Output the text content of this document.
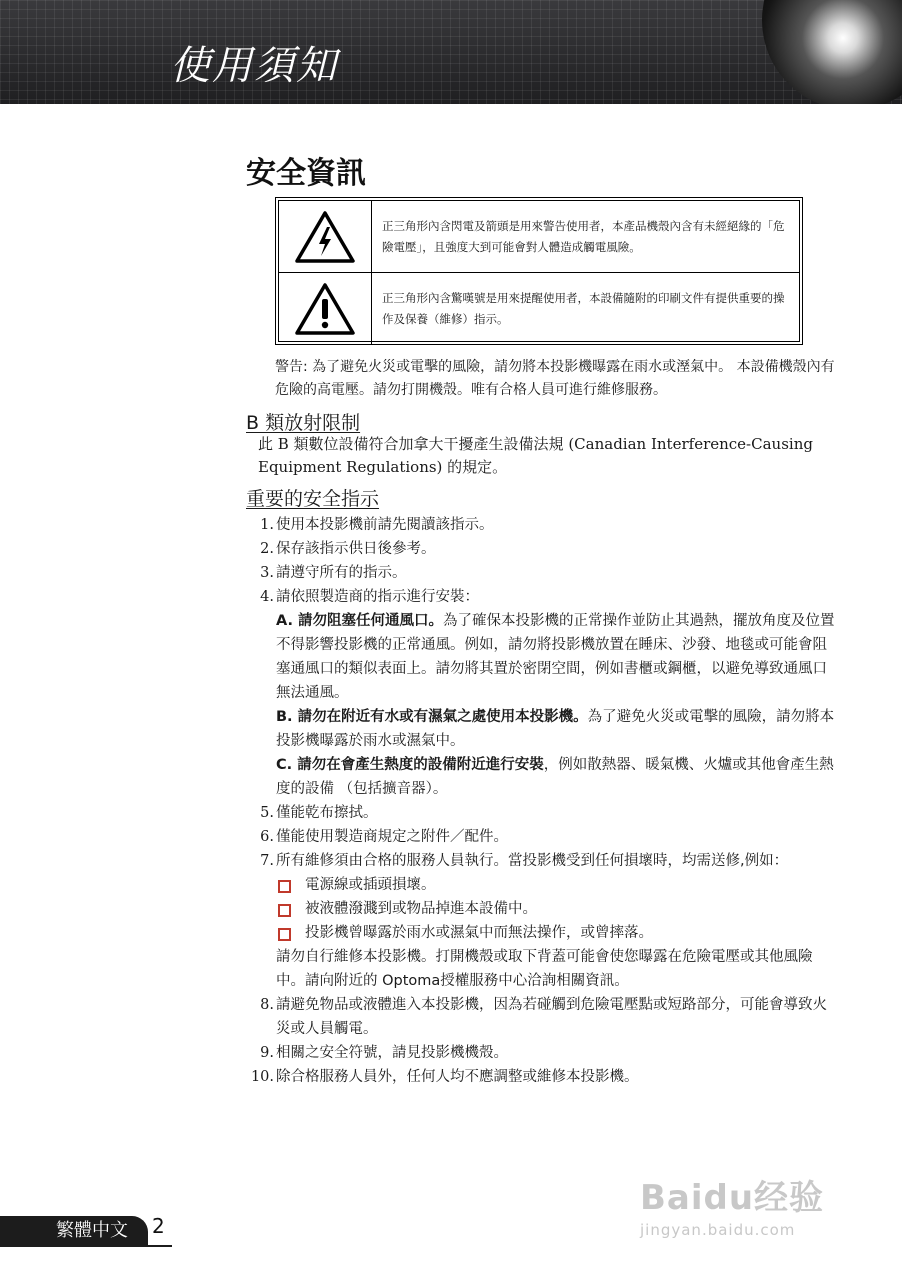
使用須知
安全資訊
正三角形內含閃電及箭頭是用來警告使用者，本產品機殼內含有未經絕緣的「危險電壓」，且強度大到可能會對人體造成觸電風險。
正三角形內含驚嘆號是用來提醒使用者，本設備隨附的印刷文件有提供重要的操作及保養（維修）指示。
警告: 為了避免火災或電擊的風險，請勿將本投影機曝露在雨水或溼氣中。 本設備機殼內有危險的高電壓。請勿打開機殼。唯有合格人員可進行維修服務。
B 類放射限制
此 B 類數位設備符合加拿大干擾產生設備法規 (Canadian Interference-Causing Equipment Regulations) 的規定。
重要的安全指示
1. 使用本投影機前請先閱讀該指示。
2. 保存該指示供日後參考。
3. 請遵守所有的指示。
4. 請依照製造商的指示進行安裝：
A. 請勿阻塞任何通風口。為了確保本投影機的正常操作並防止其過熱，擺放角度及位置不得影響投影機的正常通風。例如，請勿將投影機放置在睡床、沙發、地毯或可能會阻塞通風口的類似表面上。請勿將其置於密閉空間，例如書櫃或鋼櫃，以避免導致通風口無法通風。
B. 請勿在附近有水或有濕氣之處使用本投影機。為了避免火災或電擊的風險，請勿將本投影機曝露於雨水或濕氣中。
C. 請勿在會產生熱度的設備附近進行安裝，例如散熱器、暖氣機、火爐或其他會產生熱度的設備 （包括擴音器）。
5. 僅能乾布擦拭。
6. 僅能使用製造商規定之附件／配件。
7. 所有維修須由合格的服務人員執行。當投影機受到任何損壞時，均需送修,例如：
電源線或插頭損壞。
被液體潑濺到或物品掉進本設備中。
投影機曾曝露於雨水或濕氣中而無法操作，或曾摔落。
請勿自行維修本投影機。打開機殼或取下背蓋可能會使您曝露在危險電壓或其他風險中。請向附近的 Optoma授權服務中心洽詢相關資訊。
8. 請避免物品或液體進入本投影機，因為若碰觸到危險電壓點或短路部分，可能會導致火災或人員觸電。
9. 相關之安全符號，請見投影機機殼。
10. 除合格服務人員外，任何人均不應調整或維修本投影機。
繁體中文	2
Baidu经验
jingyan.baidu.com
